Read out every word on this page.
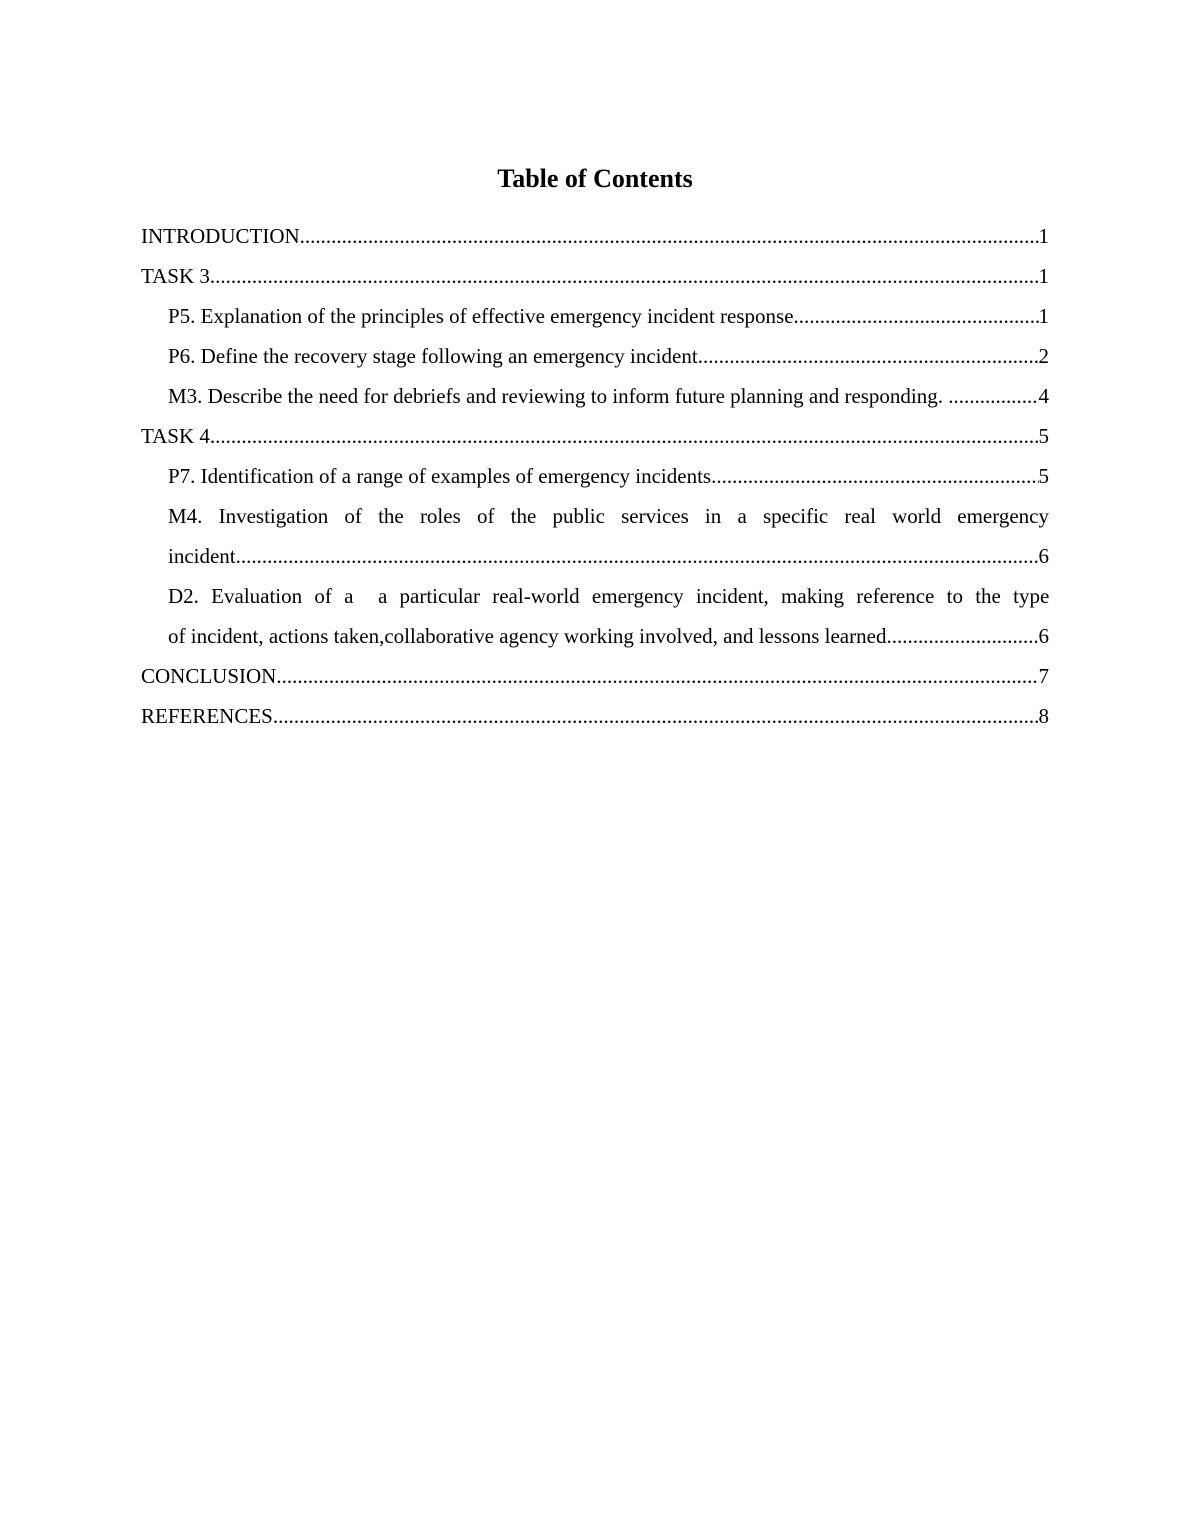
Table of Contents
INTRODUCTION .....	1
TASK 3 .....	1
P5. Explanation of the principles of effective emergency incident response .....	1
P6. Define the recovery stage following an emergency incident .....	2
M3. Describe the need for debriefs and reviewing to inform future planning and responding. .....	4
TASK 4 .....	5
P7. Identification of a range of examples of emergency incidents .....	5
M4. Investigation of the roles of the public services in a specific real world emergency
incident .....	6
D2. Evaluation of a  a particular real-world emergency incident, making reference to the type
of incident, actions taken,collaborative agency working involved, and lessons learned .....	6
CONCLUSION .....	7
REFERENCES .....	8
